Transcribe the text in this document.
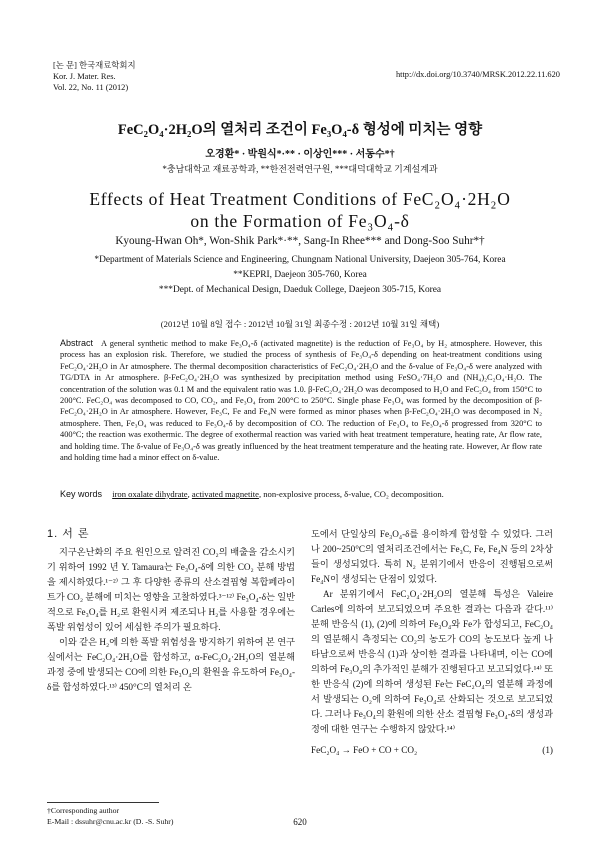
[논 문] 한국재료학회지
Kor. J. Mater. Res.
Vol. 22, No. 11 (2012)
http://dx.doi.org/10.3740/MRSK.2012.22.11.620
FeC₂O₄·2H₂O의 열처리 조건이 Fe₃O₄-δ 형성에 미치는 영향
오경환* · 박원식*·** · 이상인*** · 서동수*†
*충남대학교 재료공학과, **한전전력연구원, ***대덕대학교 기계설계과
Effects of Heat Treatment Conditions of FeC₂O₄·2H₂O
on the Formation of Fe₃O₄-δ
Kyoung-Hwan Oh*, Won-Shik Park*·**, Sang-In Rhee*** and Dong-Soo Suhr*†
*Department of Materials Science and Engineering, Chungnam National University, Daejeon 305-764, Korea
**KEPRI, Daejeon 305-760, Korea
***Dept. of Mechanical Design, Daeduk College, Daejeon 305-715, Korea
(2012년 10월 8일 접수 : 2012년 10월 31일 최종수정 : 2012년 10월 31일 채택)
Abstract A general synthetic method to make Fe₃O₄-δ (activated magnetite) is the reduction of Fe₃O₄ by H₂ atmosphere. However, this process has an explosion risk. Therefore, we studied the process of synthesis of Fe₃O₄-δ depending on heat-treatment conditions using FeC₂O₄·2H₂O in Ar atmosphere. The thermal decomposition characteristics of FeC₂O₄·2H₂O and the δ-value of Fe₃O₄-δ were analyzed with TG/DTA in Ar atmosphere. β-FeC₂O₄·2H₂O was synthesized by precipitation method using FeSO₄·7H₂O and (NH₄)₂C₂O₄·H₂O. The concentration of the solution was 0.1 M and the equivalent ratio was 1.0. β-FeC₂O₄·2H₂O was decomposed to H₂O and FeC₂O₄ from 150°C to 200°C. FeC₂O₄ was decomposed to CO, CO₂, and Fe₃O₄ from 200°C to 250°C. Single phase Fe₃O₄ was formed by the decomposition of β-FeC₂O₄·2H₂O in Ar atmosphere. However, Fe₃C, Fe and Fe₄N were formed as minor phases when β-FeC₂O₄·2H₂O was decomposed in N₂ atmosphere. Then, Fe₃O₄ was reduced to Fe₃O₄-δ by decomposition of CO. The reduction of Fe₃O₄ to Fe₃O₄-δ progressed from 320°C to 400°C; the reaction was exothermic. The degree of exothermal reaction was varied with heat treatment temperature, heating rate, Ar flow rate, and holding time. The δ-value of Fe₃O₄-δ was greatly influenced by the heat treatment temperature and the heating rate. However, Ar flow rate and holding time had a minor effect on δ-value.
Key words iron oxalate dihydrate, activated magnetite, non-explosive process, δ-value, CO₂ decomposition.
1. 서 론

지구온난화의 주요 원인으로 알려진 CO₂의 배출을 감소시키기 위하여 1992 년 Y. Tamaura는 Fe₃O₄-δ에 의한 CO₂ 분해 방법을 제시하였다.¹⁻²⁾ 그 후 다양한 종류의 산소결핍형 복합페라이트가 CO₂ 분해에 미치는 영향을 고찰하였다.³⁻¹²⁾ Fe₃O₄-δ는 일반적으로 Fe₃O₄를 H₂로 환원시켜 제조되나 H₂를 사용할 경우에는 폭발 위험성이 있어 세심한 주의가 필요하다.

이와 같은 H₂에 의한 폭발 위험성을 방지하기 위하여 본 연구실에서는 FeC₂O₄·2H₂O를 합성하고, α-FeC₂O₄·2H₂O의 열분해 과정 중에 발생되는 CO에 의한 Fe₃O₄의 환원을 유도하여 Fe₃O₄-δ를 합성하였다.¹³⁾ 450°C의 열처리 온

도에서 단일상의 Fe₃O₄-δ를 용이하게 합성할 수 있었다. 그러나 200~250°C의 열처리조건에서는 Fe₃C, Fe, Fe₄N 등의 2차상들이 생성되었다. 특히 N₂ 분위기에서 반응이 진행됨으로써 Fe₄N이 생성되는 단점이 있었다.

Ar 분위기에서 FeC₂O₄·2H₂O의 열분해 특성은 Valeire Carles에 의하여 보고되었으며 주요한 결과는 다음과 같다.¹¹⁾ 분해 반응식 (1), (2)에 의하여 Fe₃O₄와 Fe가 합성되고, FeC₂O₄의 열분해시 측정되는 CO₂의 농도가 CO의 농도보다 높게 나타남으로써 반응식 (1)과 상이한 결과를 나타내며, 이는 CO에 의하여 Fe₃O₄의 추가적인 분해가 진행된다고 보고되었다.¹⁴⁾ 또한 반응식 (2)에 의하여 생성된 Fe는 FeC₂O₄의 열분해 과정에서 발생되는 O₂에 의하여 Fe₃O₄로 산화되는 것으로 보고되었다. 그러나 Fe₃O₄의 환원에 의한 산소 결핍형 Fe₃O₄-δ의 생성과정에 대한 연구는 수행하지 않았다.¹⁴⁾

FeC₂O₄ → FeO + CO + CO₂	(1)
†Corresponding author
E-Mail : dssuhr@cnu.ac.kr (D. -S. Suhr)	620
